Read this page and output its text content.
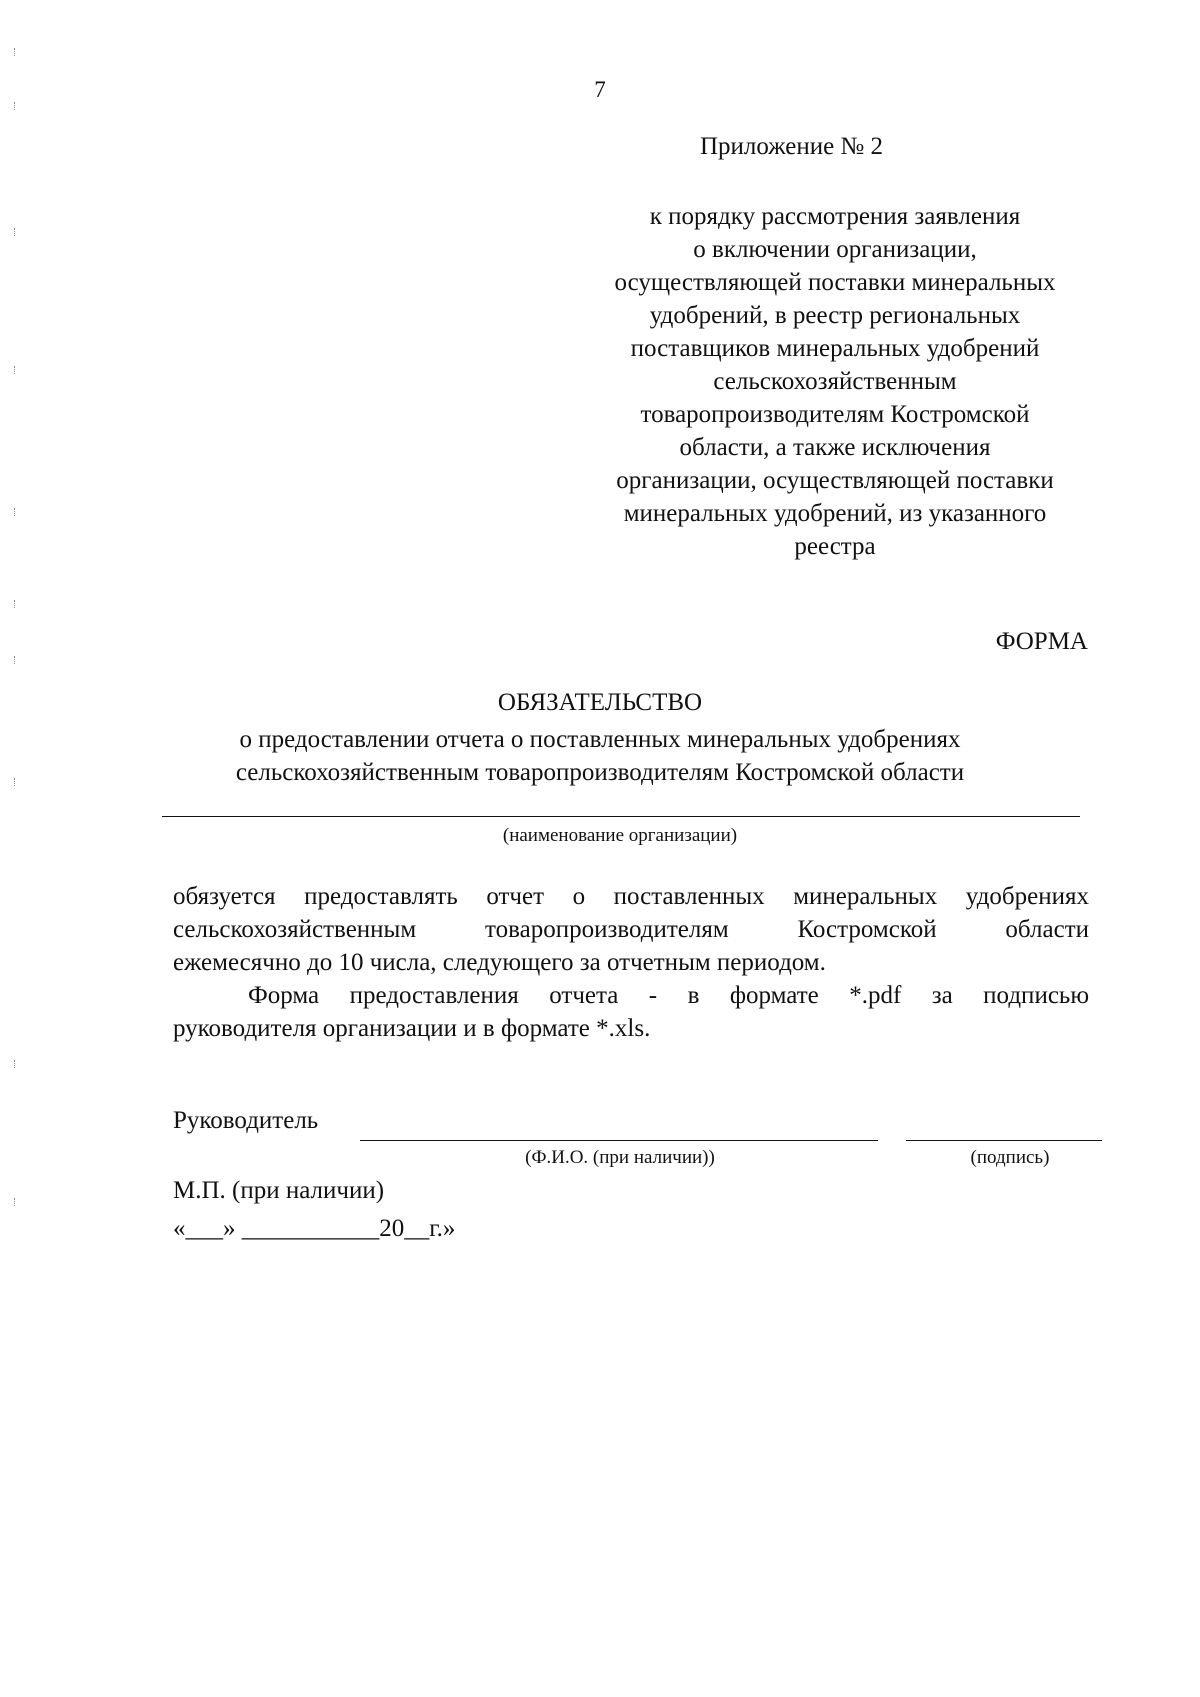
7
Приложение № 2
к порядку рассмотрения заявления
о включении организации,
осуществляющей поставки минеральных
удобрений, в реестр региональных
поставщиков минеральных удобрений
сельскохозяйственным
товаропроизводителям Костромской
области, а также исключения
организации, осуществляющей поставки
минеральных удобрений, из указанного
реестра
ФОРМА
ОБЯЗАТЕЛЬСТВО
о предоставлении отчета о поставленных минеральных удобрениях
сельскохозяйственным товаропроизводителям Костромской области
(наименование организации)
обязуется предоставлять отчет о поставленных минеральных удобрениях
сельскохозяйственным товаропроизводителям Костромской области
ежемесячно до 10 числа, следующего за отчетным периодом.
Форма предоставления отчета - в формате *.pdf за подписью
руководителя организации и в формате *.xls.
Руководитель
(Ф.И.О. (при наличии))	(подпись)
М.П. (при наличии)
«___» ___________20__г.»
